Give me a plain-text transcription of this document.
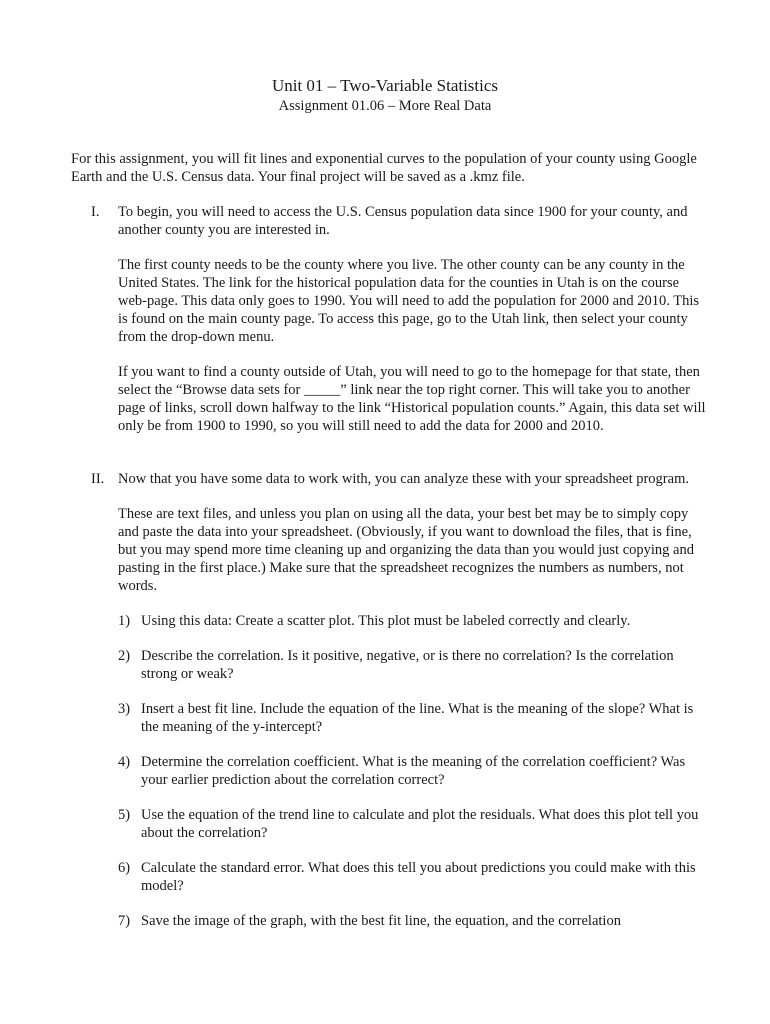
Unit 01 – Two-Variable Statistics
Assignment 01.06 – More Real Data

For this assignment, you will fit lines and exponential curves to the population of your county using Google Earth and the U.S. Census data. Your final project will be saved as a .kmz file.

I. To begin, you will need to access the U.S. Census population data since 1900 for your county, and another county you are interested in.

The first county needs to be the county where you live. The other county can be any county in the United States. The link for the historical population data for the counties in Utah is on the course web-page. This data only goes to 1990. You will need to add the population for 2000 and 2010. This is found on the main county page. To access this page, go to the Utah link, then select your county from the drop-down menu.

If you want to find a county outside of Utah, you will need to go to the homepage for that state, then select the “Browse data sets for _____” link near the top right corner. This will take you to another page of links, scroll down halfway to the link “Historical population counts.” Again, this data set will only be from 1900 to 1990, so you will still need to add the data for 2000 and 2010.

II. Now that you have some data to work with, you can analyze these with your spreadsheet program.

These are text files, and unless you plan on using all the data, your best bet may be to simply copy and paste the data into your spreadsheet. (Obviously, if you want to download the files, that is fine, but you may spend more time cleaning up and organizing the data than you would just copying and pasting in the first place.) Make sure that the spreadsheet recognizes the numbers as numbers, not words.

1) Using this data: Create a scatter plot. This plot must be labeled correctly and clearly.
2) Describe the correlation. Is it positive, negative, or is there no correlation? Is the correlation strong or weak?
3) Insert a best fit line. Include the equation of the line. What is the meaning of the slope? What is the meaning of the y-intercept?
4) Determine the correlation coefficient. What is the meaning of the correlation coefficient? Was your earlier prediction about the correlation correct?
5) Use the equation of the trend line to calculate and plot the residuals. What does this plot tell you about the correlation?
6) Calculate the standard error. What does this tell you about predictions you could make with this model?
7) Save the image of the graph, with the best fit line, the equation, and the correlation
